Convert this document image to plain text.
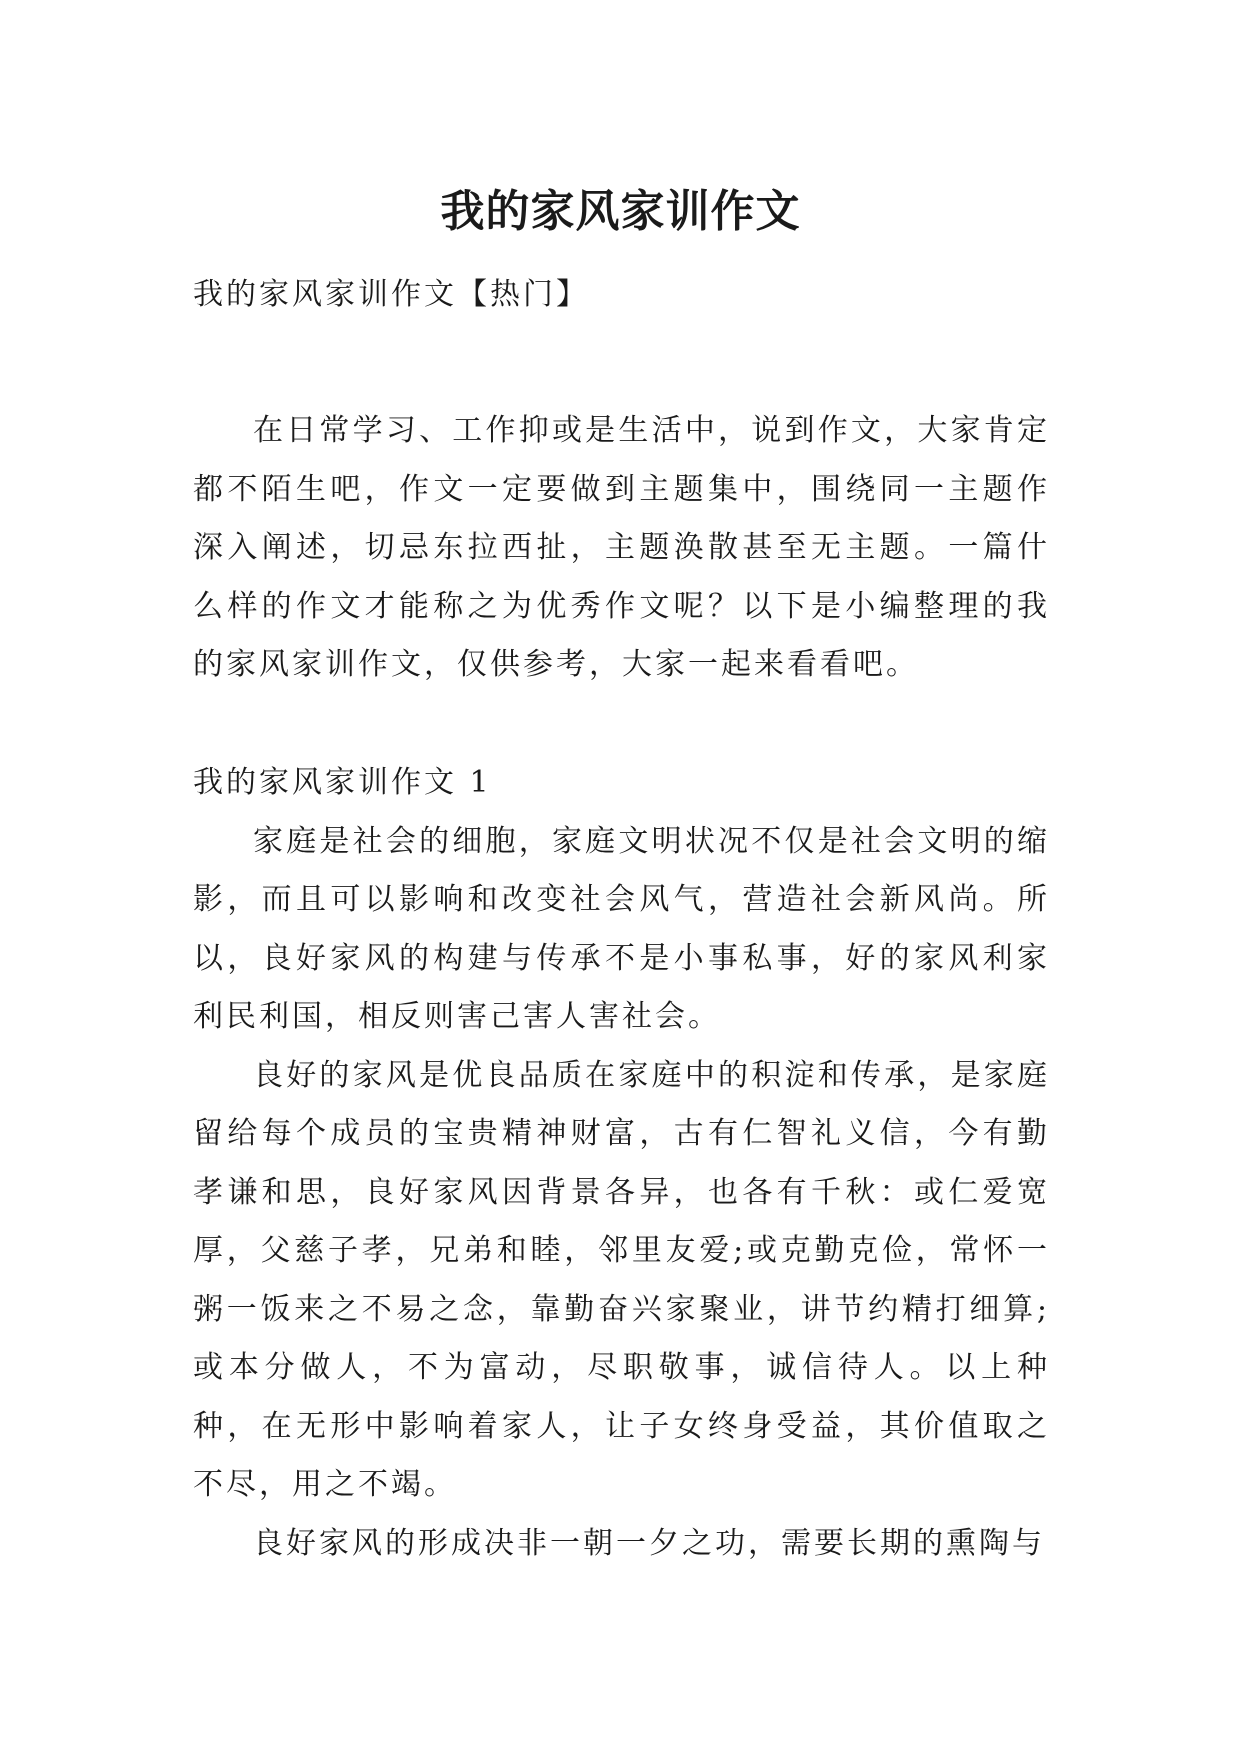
我的家风家训作文

我的家风家训作文【热门】

在日常学习、工作抑或是生活中，说到作文，大家肯定都不陌生吧，作文一定要做到主题集中，围绕同一主题作深入阐述，切忌东拉西扯，主题涣散甚至无主题。一篇什么样的作文才能称之为优秀作文呢？以下是小编整理的我的家风家训作文，仅供参考，大家一起来看看吧。

我的家风家训作文 1

家庭是社会的细胞，家庭文明状况不仅是社会文明的缩影，而且可以影响和改变社会风气，营造社会新风尚。所以，良好家风的构建与传承不是小事私事，好的家风利家利民利国，相反则害己害人害社会。

良好的家风是优良品质在家庭中的积淀和传承，是家庭留给每个成员的宝贵精神财富，古有仁智礼义信，今有勤孝谦和思，良好家风因背景各异，也各有千秋：或仁爱宽厚，父慈子孝，兄弟和睦，邻里友爱;或克勤克俭，常怀一粥一饭来之不易之念，靠勤奋兴家聚业，讲节约精打细算;或本分做人，不为富动，尽职敬事，诚信待人。以上种种，在无形中影响着家人，让子女终身受益，其价值取之不尽，用之不竭。

良好家风的形成决非一朝一夕之功，需要长期的熏陶与
